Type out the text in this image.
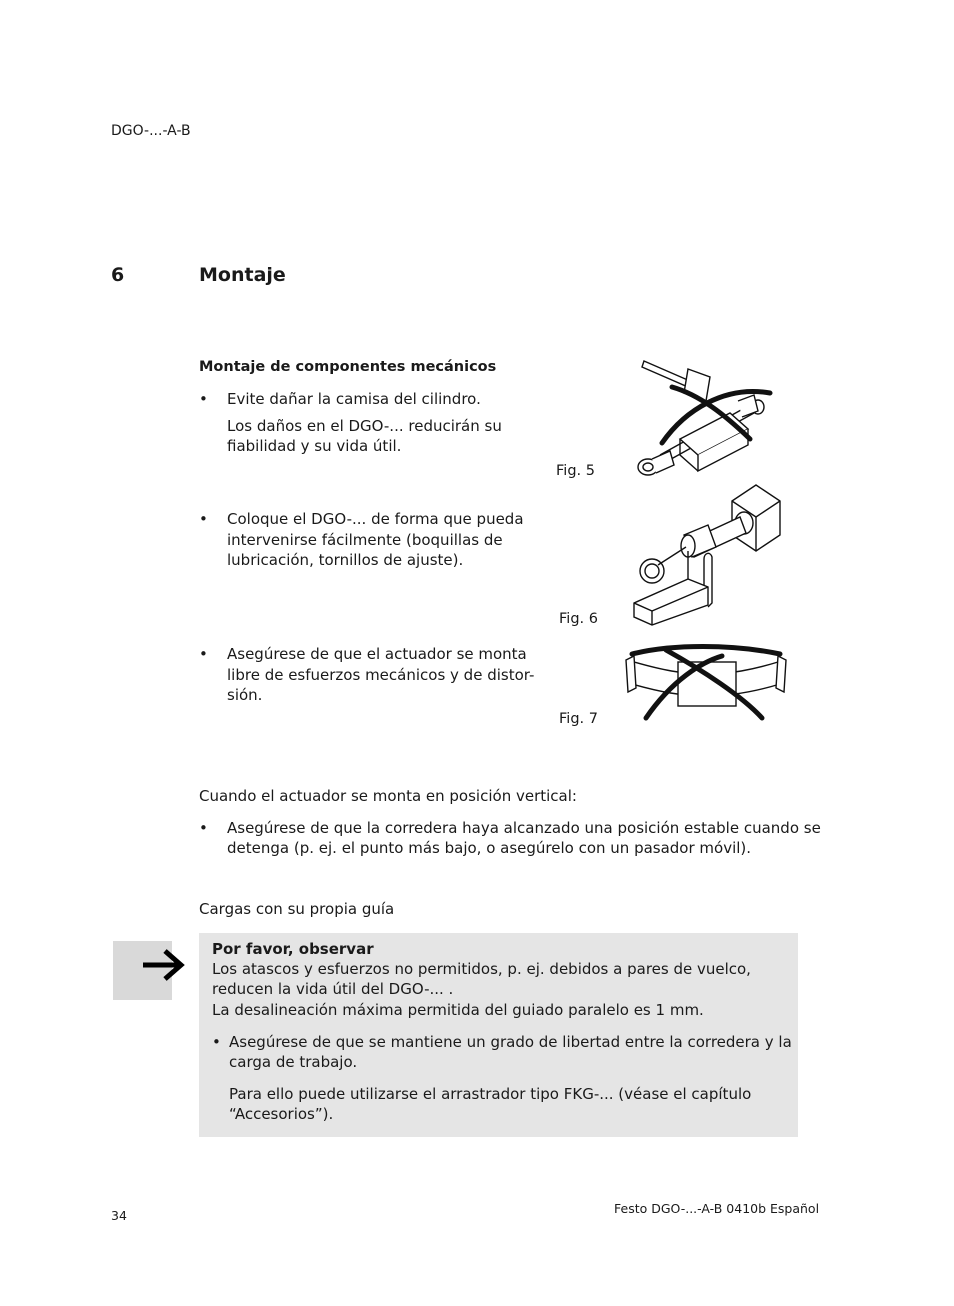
DGO-...-A-B
6	Montaje
Montaje de componentes mecánicos
• Evite dañar la camisa del cilindro.
Los daños en el DGO-... reducirán su
fiabilidad y su vida útil.
Fig. 5
• Coloque el DGO-... de forma que pueda
intervenirse fácilmente (boquillas de
lubricación, tornillos de ajuste).
Fig. 6
• Asegúrese de que el actuador se monta
libre de esfuerzos mecánicos y de distor-
sión.
Fig. 7
Cuando el actuador se monta en posición vertical:
• Asegúrese de que la corredera haya alcanzado una posición estable cuando se
detenga (p. ej. el punto más bajo, o asegúrelo con un pasador móvil).
Cargas con su propia guía
Por favor, observar
Los atascos y esfuerzos no permitidos, p. ej. debidos a pares de vuelco,
reducen la vida útil del DGO-... .
La desalineación máxima permitida del guiado paralelo es 1 mm.
• Asegúrese de que se mantiene un grado de libertad entre la corredera y la
carga de trabajo.
Para ello puede utilizarse el arrastrador tipo FKG-... (véase el capítulo
“Accesorios”).
34	Festo DGO-...-A-B 0410b Español
